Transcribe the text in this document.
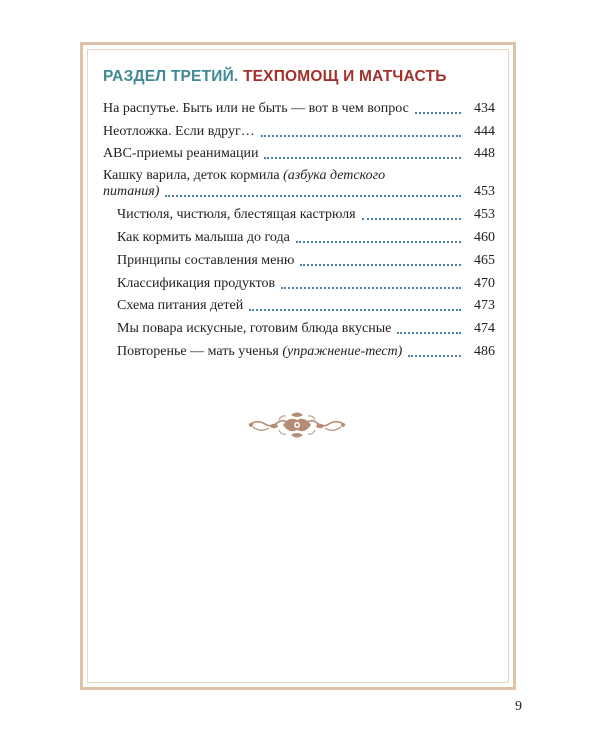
РАЗДЕЛ ТРЕТИЙ. ТЕХПОМОЩ И МАТЧАСТЬ
На распутье. Быть или не быть — вот в чем вопрос	434
Неотложка. Если вдруг…	444
АВС-приемы реанимации	448
Кашку варила, деток кормила (азбука детского
питания)	453
Чистюля, чистюля, блестящая кастрюля	453
Как кормить малыша до года	460
Принципы составления меню	465
Классификация продуктов	470
Схема питания детей	473
Мы повара искусные, готовим блюда вкусные	474
Повторенье — мать ученья (упражнение-тест)	486
9
